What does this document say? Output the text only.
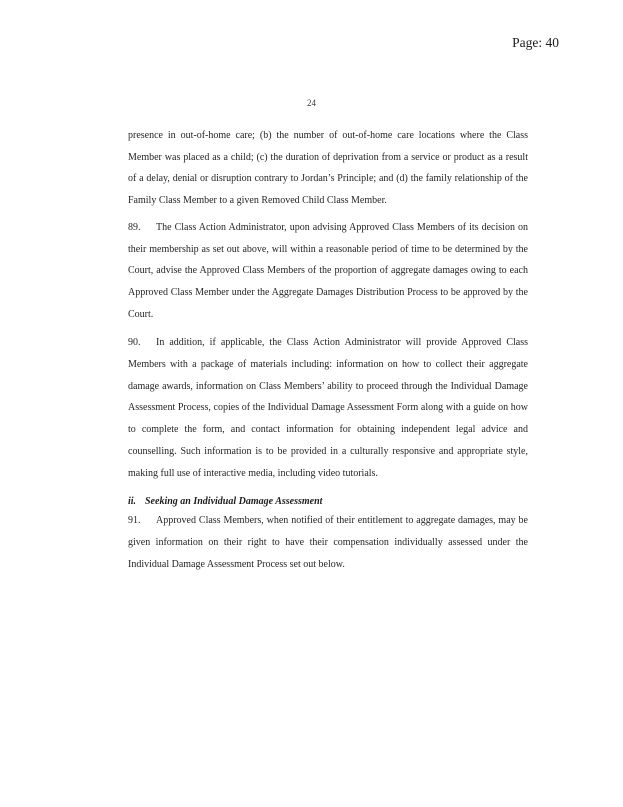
Page: 40
24

presence in out-of-home care; (b) the number of out-of-home care locations where the Class Member was placed as a child; (c) the duration of deprivation from a service or product as a result of a delay, denial or disruption contrary to Jordan’s Principle; and (d) the family relationship of the Family Class Member to a given Removed Child Class Member.

89. The Class Action Administrator, upon advising Approved Class Members of its decision on their membership as set out above, will within a reasonable period of time to be determined by the Court, advise the Approved Class Members of the proportion of aggregate damages owing to each Approved Class Member under the Aggregate Damages Distribution Process to be approved by the Court.

90. In addition, if applicable, the Class Action Administrator will provide Approved Class Members with a package of materials including: information on how to collect their aggregate damage awards, information on Class Members’ ability to proceed through the Individual Damage Assessment Process, copies of the Individual Damage Assessment Form along with a guide on how to complete the form, and contact information for obtaining independent legal advice and counselling. Such information is to be provided in a culturally responsive and appropriate style, making full use of interactive media, including video tutorials.

ii. Seeking an Individual Damage Assessment

91. Approved Class Members, when notified of their entitlement to aggregate damages, may be given information on their right to have their compensation individually assessed under the Individual Damage Assessment Process set out below.
